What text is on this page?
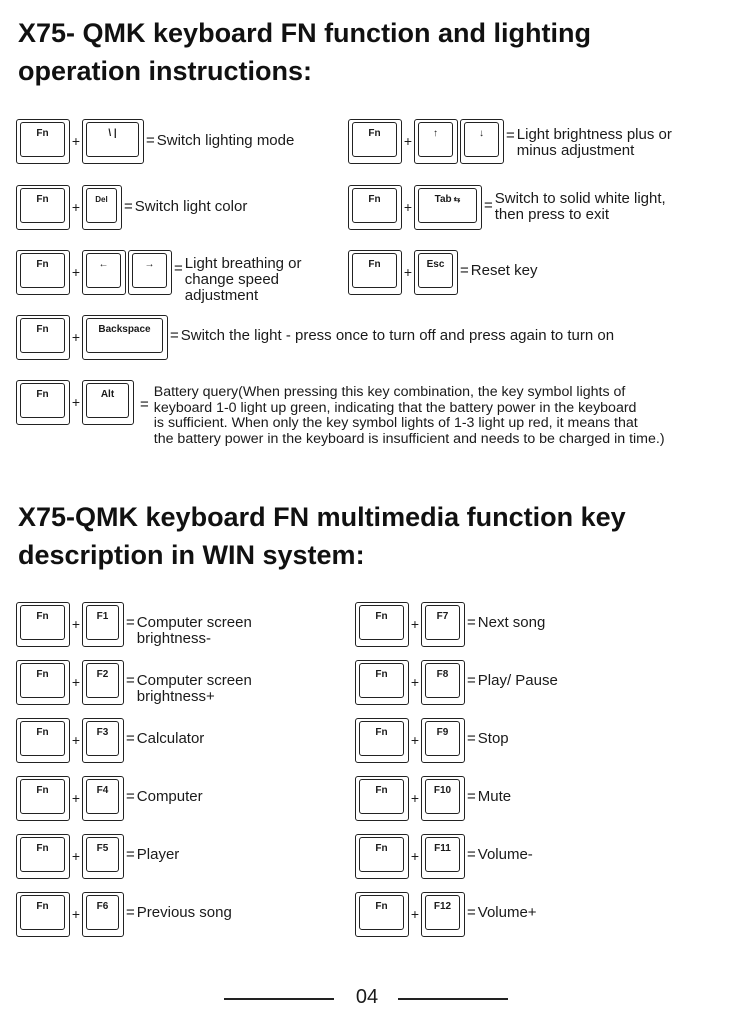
X75- QMK keyboard FN function and lighting
operation instructions:
Fn +	\ | = Switch lighting mode	Fn + ↑	↓ = Light brightness plus or
minus adjustment
Fn + Del = Switch light color	Fn + Tab ⇆ = Switch to solid white light,
then press to exit
Fn + ←	→ = Light breathing or
change speed
adjustment
Fn + Esc = Reset key
Fn + Backspace = Switch the light - press once to turn off and press again to turn on
Fn + Alt
=
Battery query(When pressing this key combination, the key symbol lights of
keyboard 1-0 light up green, indicating that the battery power in the keyboard
is sufficient. When only the key symbol lights of 1-3 light up red, it means that
the battery power in the keyboard is insufficient and needs to be charged in time.)
X75-QMK keyboard FN multimedia function key
description in WIN system:
Fn + F1 = Computer screen
brightness-
Fn + F2 = Computer screen
brightness+
Fn + F3 = Calculator
Fn + F4 = Computer
Fn + F5 = Player
Fn + F6 = Previous song
Fn + F7 = Next song
Fn + F8 = Play/ Pause
Fn + F9 = Stop
Fn + F10 = Mute
Fn + F11 = Volume-
Fn + F12 = Volume+
04
